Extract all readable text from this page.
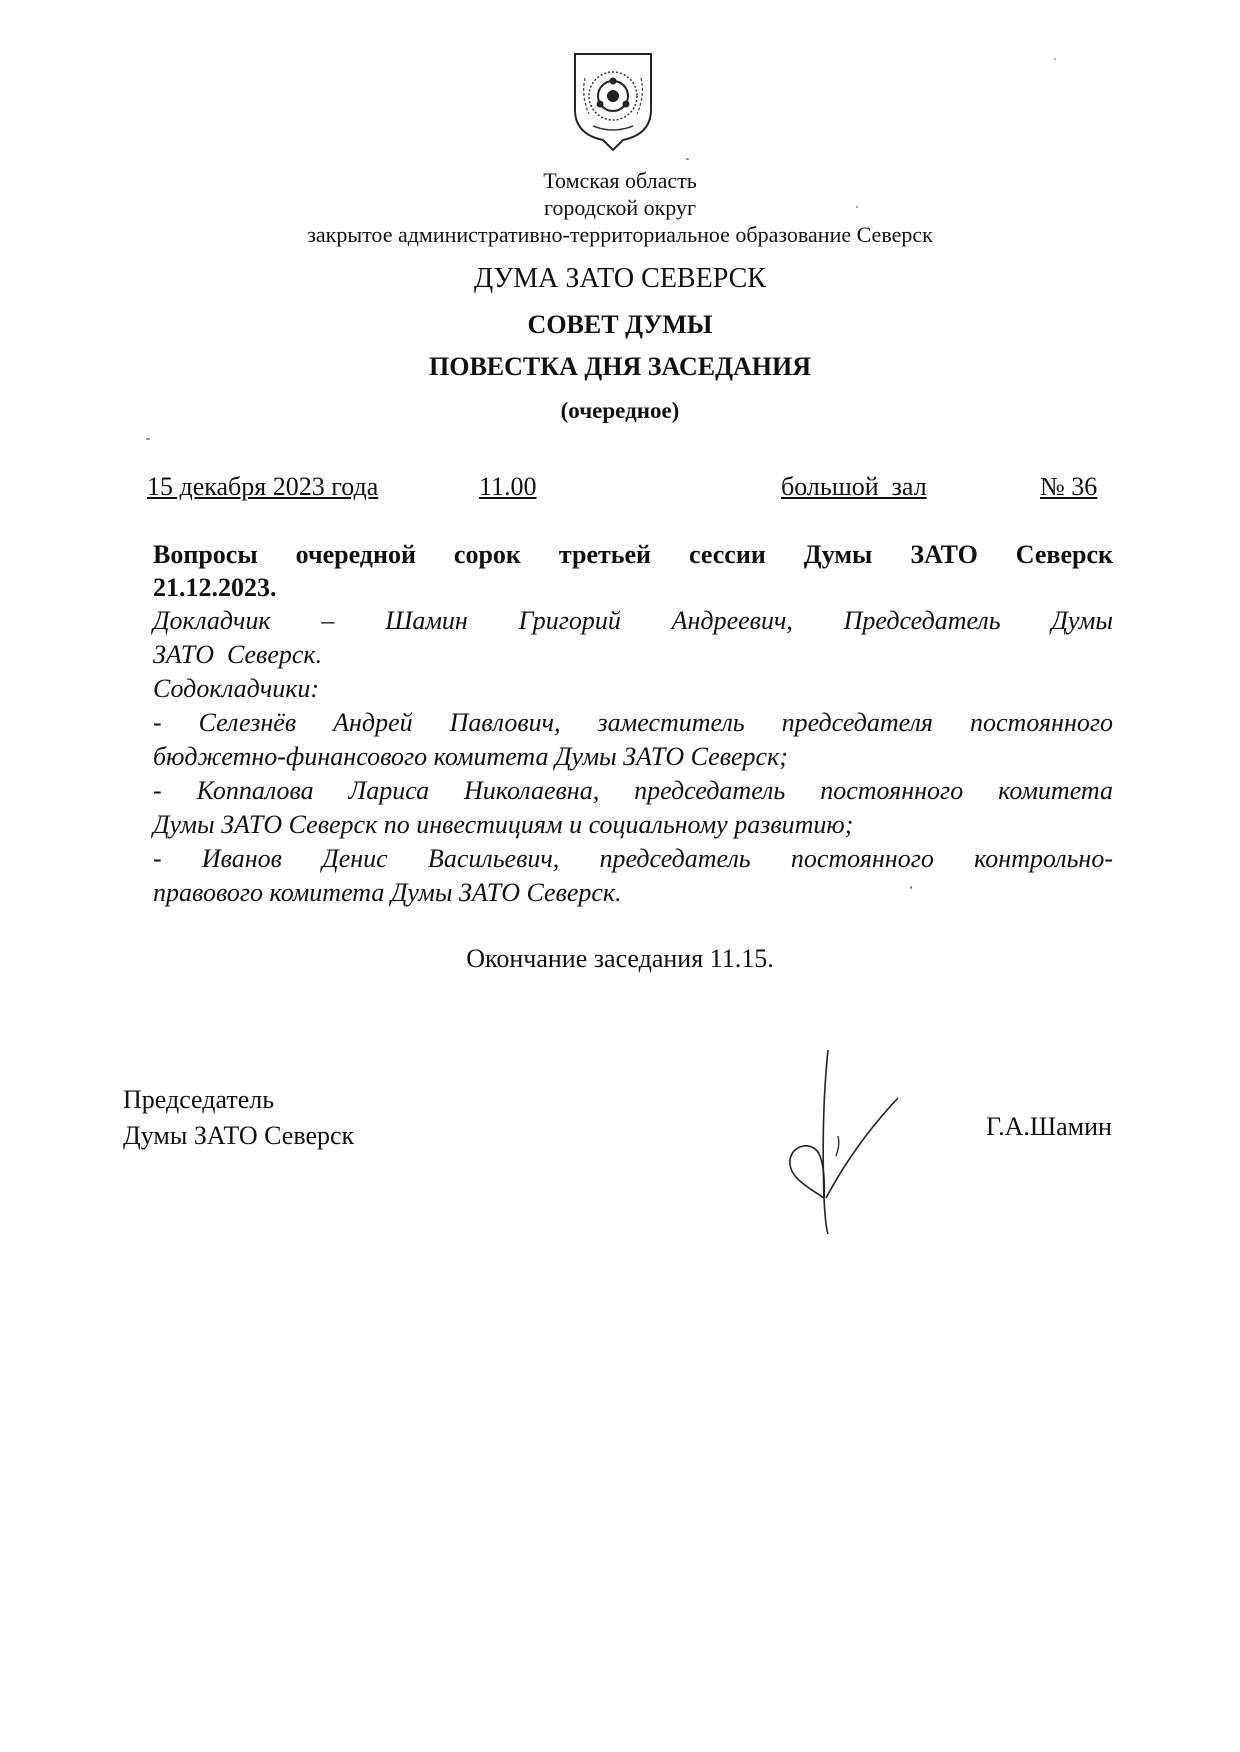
Томская область
городской округ
закрытое административно-территориальное образование Северск
ДУМА ЗАТО СЕВЕРСК
СОВЕТ ДУМЫ
ПОВЕСТКА ДНЯ ЗАСЕДАНИЯ
(очередное)
15 декабря 2023 года	11.00	большой  зал	№ 36
Вопросы очередной сорок третьей сессии Думы ЗАТО Северск
21.12.2023.
Докладчик – Шамин Григорий Андреевич, Председатель Думы
ЗАТО  Северск.
Содокладчики:
- Селезнёв Андрей Павлович, заместитель председателя постоянного
бюджетно-финансового комитета Думы ЗАТО Северск;
- Коппалова Лариса Николаевна, председатель постоянного комитета
Думы ЗАТО Северск по инвестициям и социальному развитию;
- Иванов Денис Васильевич, председатель постоянного контрольно-
правового комитета Думы ЗАТО Северск.
Окончание заседания 11.15.
Председатель
Думы ЗАТО Северск	Г.А.Шамин
